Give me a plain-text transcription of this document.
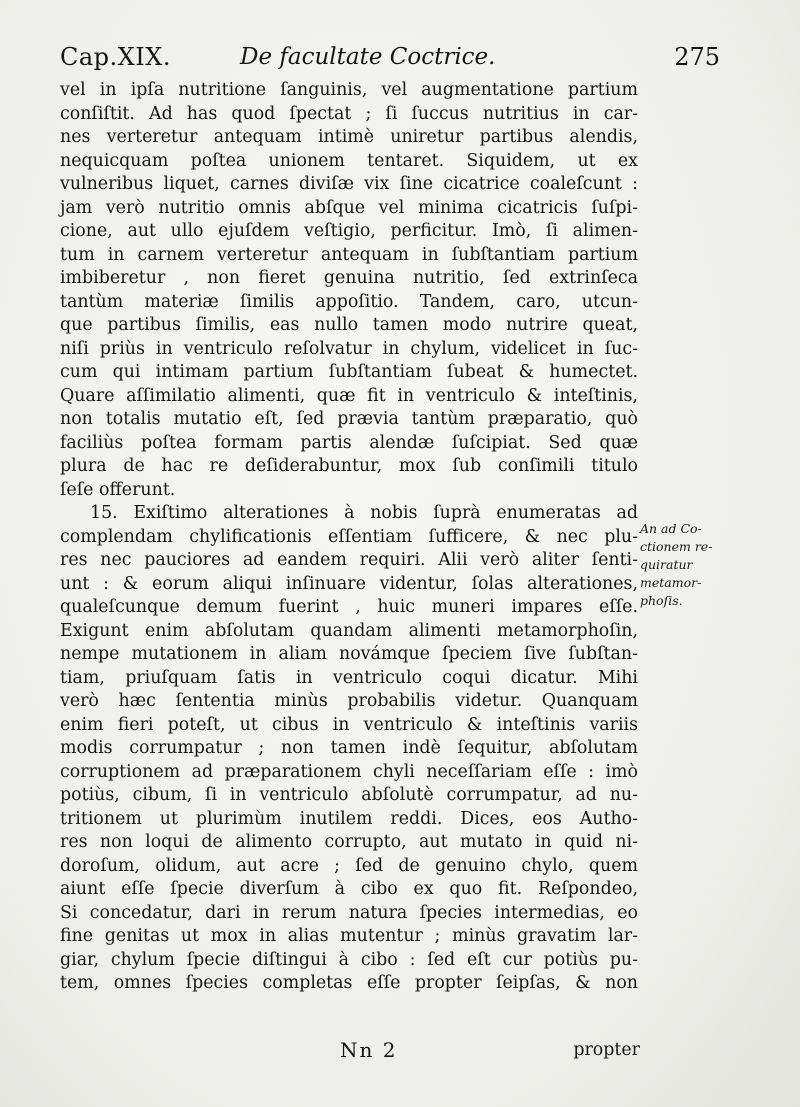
Cap.XIX.	De facultate Coctrice.	275
vel in ipſa nutritione ſanguinis, vel augmentatione partium
conſiſtit. Ad has quod ſpectat ; ſi ſuccus nutritius in car-
nes verteretur antequam intimè uniretur partibus alendis,
nequicquam poſtea unionem tentaret. Siquidem, ut ex
vulneribus liquet, carnes diviſæ vix ſine cicatrice coaleſcunt :
jam verò nutritio omnis abſque vel minima cicatricis ſuſpi-
cione, aut ullo ejuſdem veſtigio, perficitur. Imò, ſi alimen-
tum in carnem verteretur antequam in ſubſtantiam partium
imbiberetur , non fieret genuina nutritio, ſed extrinſeca
tantùm materiæ ſimilis appoſitio. Tandem, caro, utcun-
que partibus ſimilis, eas nullo tamen modo nutrire queat,
niſi priùs in ventriculo reſolvatur in chylum, videlicet in ſuc-
cum qui intimam partium ſubſtantiam ſubeat & humectet.
Quare aſſimilatio alimenti, quæ fit in ventriculo & inteſtinis,
non totalis mutatio eſt, ſed prævia tantùm præparatio, quò
faciliùs poſtea formam partis alendæ ſuſcipiat. Sed quæ
plura de hac re deſiderabuntur, mox ſub conſimili titulo
ſeſe offerunt.
15. Exiſtimo alterationes à nobis ſuprà enumeratas ad
complendam chylificationis eſſentiam ſufficere, & nec plu-
res nec pauciores ad eandem requiri. Alii verò aliter ſenti-
unt : & eorum aliqui inſinuare videntur, ſolas alterationes,
qualeſcunque demum fuerint , huic muneri impares eſſe.
Exigunt enim abſolutam quandam alimenti metamorphoſin,
nempe mutationem in aliam novámque ſpeciem ſive ſubſtan-
tiam, priuſquam ſatis in ventriculo coqui dicatur. Mihi
verò hæc ſententia minùs probabilis videtur. Quanquam
enim fieri poteſt, ut cibus in ventriculo & inteſtinis variis
modis corrumpatur ; non tamen indè ſequitur, abſolutam
corruptionem ad præparationem chyli neceſſariam eſſe : imò
potiùs, cibum, ſi in ventriculo abſolutè corrumpatur, ad nu-
tritionem ut plurimùm inutilem reddi. Dices, eos Autho-
res non loqui de alimento corrupto, aut mutato in quid ni-
doroſum, olidum, aut acre ; ſed de genuino chylo, quem
aiunt eſſe ſpecie diverſum à cibo ex quo fit. Reſpondeo,
Si concedatur, dari in rerum natura ſpecies intermedias, eo
fine genitas ut mox in alias mutentur ; minùs gravatim lar-
giar, chylum ſpecie diſtingui à cibo : ſed eſt cur potiùs pu-
tem, omnes ſpecies completas eſſe propter ſeipſas, & non
An ad Co-
ctionem re-
quiratur
metamor-
phoſis.
Nn 2	propter
